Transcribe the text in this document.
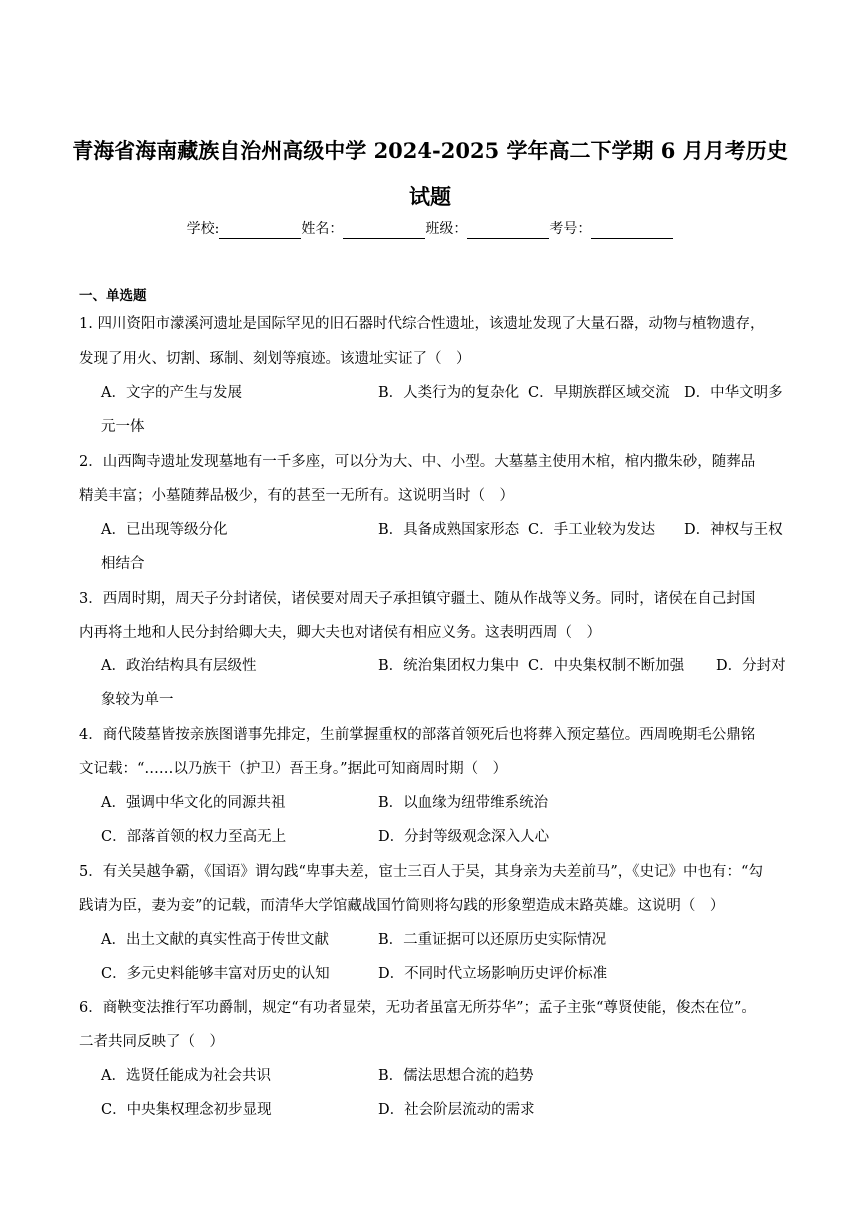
青海省海南藏族自治州高级中学 2024-2025 学年高二下学期 6 月月考历史
试题
学校:	姓名：	班级：	考号：
一、单选题
1. 四川资阳市濛溪河遗址是国际罕见的旧石器时代综合性遗址，该遗址发现了大量石器，动物与植物遗存，
发现了用火、切割、琢制、刻划等痕迹。该遗址实证了（　）
A．文字的产生与发展	B．人类行为的复杂化 C．早期族群区域交流 D．中华文明多
元一体
2．山西陶寺遗址发现墓地有一千多座，可以分为大、中、小型。大墓墓主使用木棺，棺内撒朱砂，随葬品
精美丰富；小墓随葬品极少，有的甚至一无所有。这说明当时（　）
A．已出现等级分化	B．具备成熟国家形态 C．手工业较为发达 D．神权与王权
相结合
3．西周时期，周天子分封诸侯，诸侯要对周天子承担镇守疆土、随从作战等义务。同时，诸侯在自己封国
内再将土地和人民分封给卿大夫，卿大夫也对诸侯有相应义务。这表明西周（　）
A．政治结构具有层级性	B．统治集团权力集中 C．中央集权制不断加强 D．分封对
象较为单一
4．商代陵墓皆按亲族图谱事先排定，生前掌握重权的部落首领死后也将葬入预定墓位。西周晚期毛公鼎铭
文记载：“……以乃族干（护卫）吾王身。”据此可知商周时期（　）
A．强调中华文化的同源共祖	B．以血缘为纽带维系统治
C．部落首领的权力至高无上	D．分封等级观念深入人心
5．有关吴越争霸，《国语》谓勾践“卑事夫差，宦士三百人于吴，其身亲为夫差前马”，《史记》中也有：“勾
践请为臣，妻为妾”的记载，而清华大学馆藏战国竹简则将勾践的形象塑造成末路英雄。这说明（　）
A．出土文献的真实性高于传世文献	B．二重证据可以还原历史实际情况
C．多元史料能够丰富对历史的认知	D．不同时代立场影响历史评价标准
6．商鞅变法推行军功爵制，规定“有功者显荣，无功者虽富无所芬华”；孟子主张“尊贤使能，俊杰在位”。
二者共同反映了（　）
A．选贤任能成为社会共识	B．儒法思想合流的趋势
C．中央集权理念初步显现	D．社会阶层流动的需求
